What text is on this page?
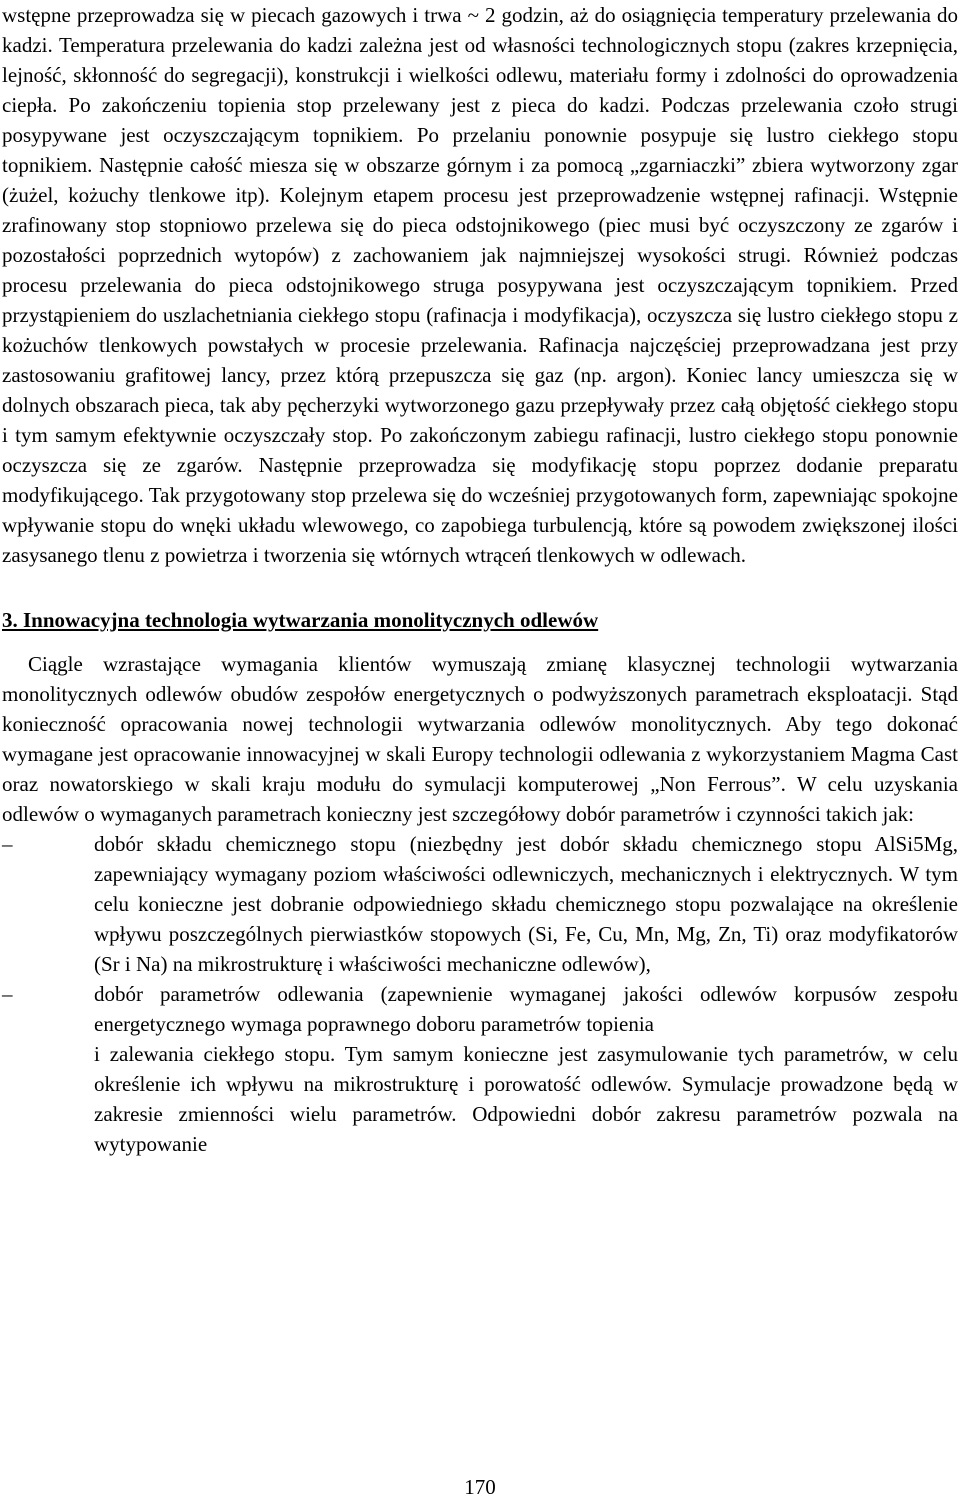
wstępne przeprowadza się w piecach gazowych i trwa ~ 2 godzin, aż do osiągnięcia temperatury przelewania do kadzi. Temperatura przelewania do kadzi zależna jest od własności technologicznych stopu (zakres krzepnięcia, lejność, skłonność do segregacji), konstrukcji i wielkości odlewu, materiału formy i zdolności do oprowadzenia ciepła. Po zakończeniu topienia stop przelewany jest z pieca do kadzi. Podczas przelewania czoło strugi posypywane jest oczyszczającym topnikiem. Po przelaniu ponownie posypuje się lustro ciekłego stopu topnikiem. Następnie całość miesza się w obszarze górnym i za pomocą „zgarniaczki” zbiera wytworzony zgar (żużel, kożuchy tlenkowe itp). Kolejnym etapem procesu jest przeprowadzenie wstępnej rafinacji. Wstępnie zrafinowany stop stopniowo przelewa się do pieca odstojnikowego (piec musi być oczyszczony ze zgarów i pozostałości poprzednich wytopów) z zachowaniem jak najmniejszej wysokości strugi. Również podczas procesu przelewania do pieca odstojnikowego struga posypywana jest oczyszczającym topnikiem. Przed przystąpieniem do uszlachetniania ciekłego stopu (rafinacja i modyfikacja), oczyszcza się lustro ciekłego stopu z kożuchów tlenkowych powstałych w procesie przelewania. Rafinacja najczęściej przeprowadzana jest przy zastosowaniu grafitowej lancy, przez którą przepuszcza się gaz (np. argon). Koniec lancy umieszcza się w dolnych obszarach pieca, tak aby pęcherzyki wytworzonego gazu przepływały przez całą objętość ciekłego stopu i tym samym efektywnie oczyszczały stop. Po zakończonym zabiegu rafinacji, lustro ciekłego stopu ponownie oczyszcza się ze zgarów. Następnie przeprowadza się modyfikację stopu poprzez dodanie preparatu modyfikującego. Tak przygotowany stop przelewa się do wcześniej przygotowanych form, zapewniając spokojne wpływanie stopu do wnęki układu wlewowego, co zapobiega turbulencją, które są powodem zwiększonej ilości zasysanego tlenu z powietrza i tworzenia się wtórnych wtrąceń tlenkowych w odlewach.

3. Innowacyjna technologia wytwarzania monolitycznych odlewów

Ciągle wzrastające wymagania klientów wymuszają zmianę klasycznej technologii wytwarzania monolitycznych odlewów obudów zespołów energetycznych o podwyższonych parametrach eksploatacji. Stąd konieczność opracowania nowej technologii wytwarzania odlewów monolitycznych. Aby tego dokonać wymagane jest opracowanie innowacyjnej w skali Europy technologii odlewania z wykorzystaniem Magma Cast oraz nowatorskiego w skali kraju modułu do symulacji komputerowej „Non Ferrous”. W celu uzyskania odlewów o wymaganych parametrach konieczny jest szczegółowy dobór parametrów i czynności takich jak:

–	dobór składu chemicznego stopu (niezbędny jest dobór składu chemicznego stopu AlSi5Mg, zapewniający wymagany poziom właściwości odlewniczych, mechanicznych i elektrycznych. W tym celu konieczne jest dobranie odpowiedniego składu chemicznego stopu pozwalające na określenie wpływu poszczególnych pierwiastków stopowych (Si, Fe, Cu, Mn, Mg, Zn, Ti) oraz modyfikatorów (Sr i Na) na mikrostrukturę i właściwości mechaniczne odlewów),
–	dobór parametrów odlewania (zapewnienie wymaganej jakości odlewów korpusów zespołu energetycznego wymaga poprawnego doboru parametrów topienia
i zalewania ciekłego stopu. Tym samym konieczne jest zasymulowanie tych parametrów, w celu określenie ich wpływu na mikrostrukturę i porowatość odlewów. Symulacje prowadzone będą w zakresie zmienności wielu parametrów. Odpowiedni dobór zakresu parametrów pozwala na wytypowanie
170
